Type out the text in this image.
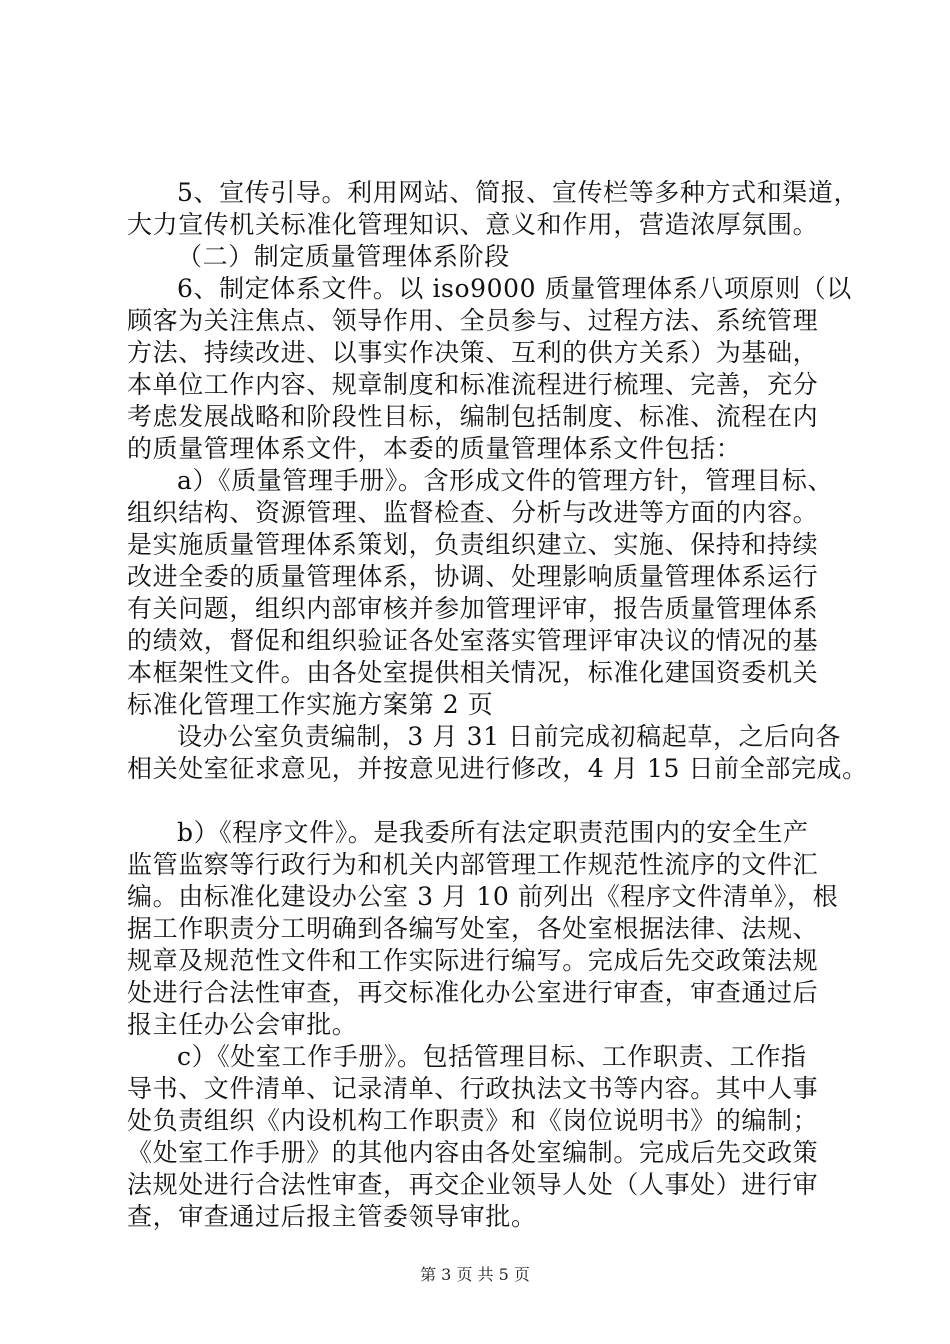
5、宣传引导。利用网站、简报、宣传栏等多种方式和渠道，
大力宣传机关标准化管理知识、意义和作用，营造浓厚氛围。
（二）制定质量管理体系阶段
6、制定体系文件。以 iso9000 质量管理体系八项原则（以
顾客为关注焦点、领导作用、全员参与、过程方法、系统管理
方法、持续改进、以事实作决策、互利的供方关系）为基础，
本单位工作内容、规章制度和标准流程进行梳理、完善，充分
考虑发展战略和阶段性目标，编制包括制度、标准、流程在内
的质量管理体系文件，本委的质量管理体系文件包括：
a）《质量管理手册》。含形成文件的管理方针，管理目标、
组织结构、资源管理、监督检查、分析与改进等方面的内容。
是实施质量管理体系策划，负责组织建立、实施、保持和持续
改进全委的质量管理体系，协调、处理影响质量管理体系运行
有关问题，组织内部审核并参加管理评审，报告质量管理体系
的绩效，督促和组织验证各处室落实管理评审决议的情况的基
本框架性文件。由各处室提供相关情况，标准化建国资委机关
标准化管理工作实施方案第 2 页
设办公室负责编制，3 月 31 日前完成初稿起草，之后向各
相关处室征求意见，并按意见进行修改，4 月 15 日前全部完成。
b）《程序文件》。是我委所有法定职责范围内的安全生产
监管监察等行政行为和机关内部管理工作规范性流序的文件汇
编。由标准化建设办公室 3 月 10 前列出《程序文件清单》，根
据工作职责分工明确到各编写处室，各处室根据法律、法规、
规章及规范性文件和工作实际进行编写。完成后先交政策法规
处进行合法性审查，再交标准化办公室进行审查，审查通过后
报主任办公会审批。
c）《处室工作手册》。包括管理目标、工作职责、工作指
导书、文件清单、记录清单、行政执法文书等内容。其中人事
处负责组织《内设机构工作职责》和《岗位说明书》的编制；
《处室工作手册》的其他内容由各处室编制。完成后先交政策
法规处进行合法性审查，再交企业领导人处（人事处）进行审
查，审查通过后报主管委领导审批。
第 3 页 共 5 页
